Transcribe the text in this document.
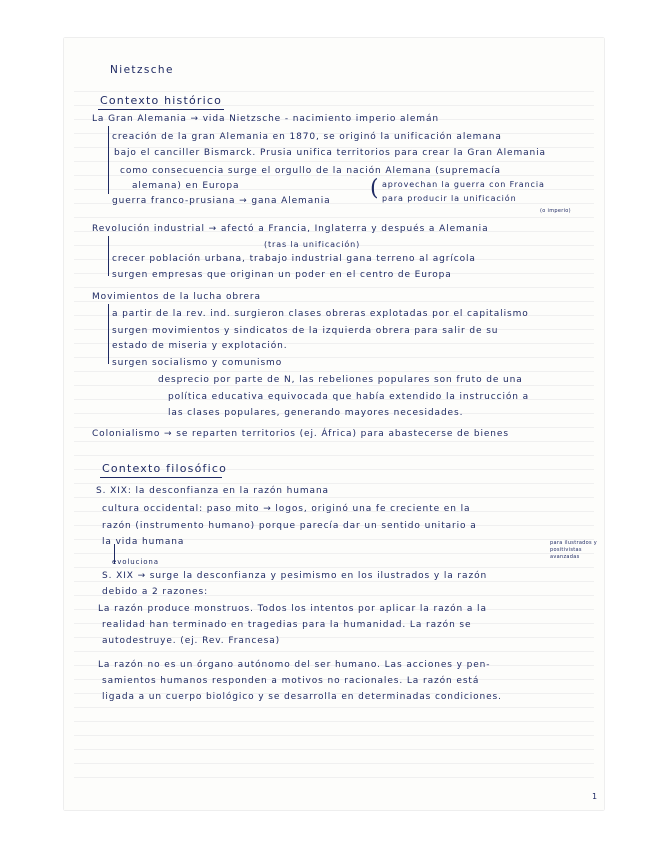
Nietzsche
Contexto histórico
La Gran Alemania → vida Nietzsche - nacimiento imperio alemán
creación de la gran Alemania en 1870, se originó la unificación alemana
bajo el canciller Bismarck. Prusia unifica territorios para crear la Gran Alemania
como consecuencia surge el orgullo de la nación Alemana (supremacía
alemana) en Europa
guerra franco-prusiana → gana Alemania ( aprovechan la guerra con Francia
para producir la unificación
(o imperio)
Revolución industrial → afectó a Francia, Inglaterra y después a Alemania
(tras la unificación)
crecer población urbana, trabajo industrial gana terreno al agrícola
surgen empresas que originan un poder en el centro de Europa
Movimientos de la lucha obrera
a partir de la rev. ind. surgieron clases obreras explotadas por el capitalismo
surgen movimientos y sindicatos de la izquierda obrera para salir de su
estado de miseria y explotación.
surgen socialismo y comunismo
desprecio por parte de N, las rebeliones populares son fruto de una
política educativa equivocada que había extendido la instrucción a
las clases populares, generando mayores necesidades.
Colonialismo → se reparten territorios (ej. África) para abastecerse de bienes
Contexto filosófico
S. XIX: la desconfianza en la razón humana
cultura occidental: paso mito → logos, originó una fe creciente en la
razón (instrumento humano) porque parecía dar un sentido unitario a
la vida humana
evoluciona
para ilustrados y
positivistas
avanzadas
S. XIX → surge la desconfianza y pesimismo en los ilustrados y la razón
debido a 2 razones:
La razón produce monstruos. Todos los intentos por aplicar la razón a la
realidad han terminado en tragedias para la humanidad. La razón se
autodestruye. (ej. Rev. Francesa)
La razón no es un órgano autónomo del ser humano. Las acciones y pen-
samientos humanos responden a motivos no racionales. La razón está
ligada a un cuerpo biológico y se desarrolla en determinadas condiciones.
1
